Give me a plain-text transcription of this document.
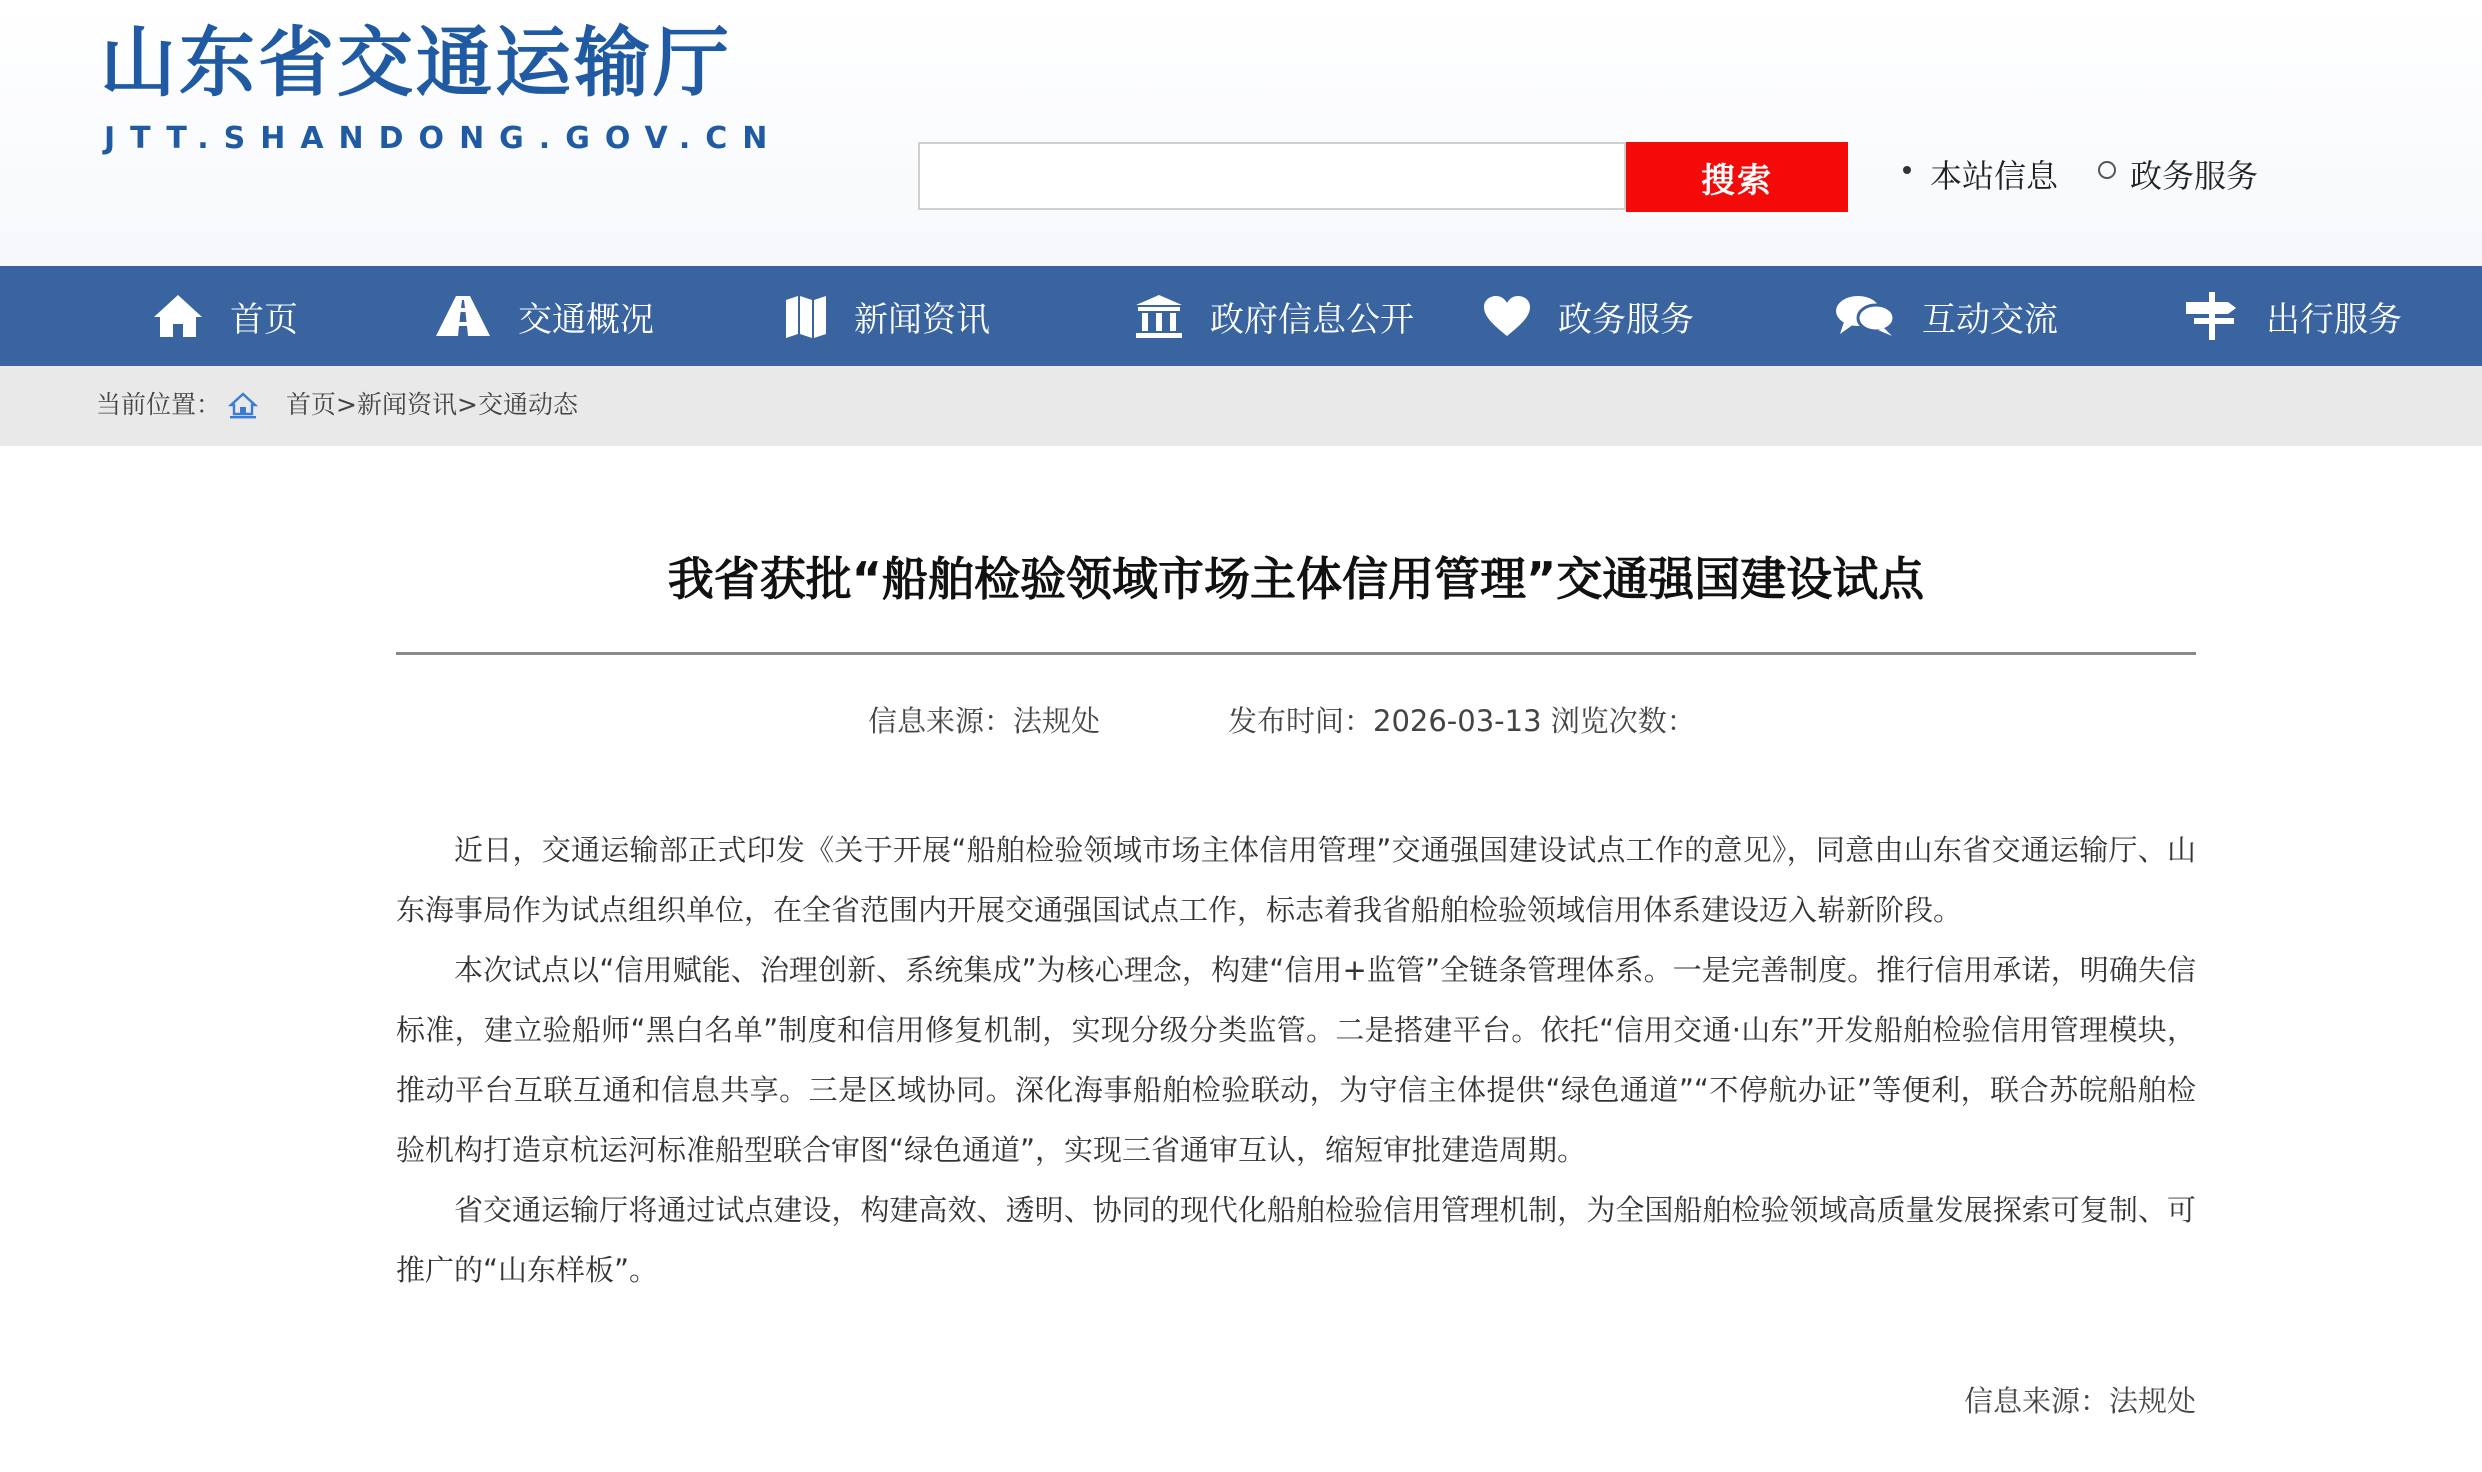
山东省交通运输厅
JTT.SHANDONG.GOV.CN
搜索	本站信息 政务服务
首页	交通概况	新闻资讯	政府信息公开	政务服务	互动交流	出行服务
当前位置：	首页>新闻资讯>交通动态
我省获批“船舶检验领域市场主体信用管理”交通强国建设试点
信息来源：法规处	发布时间：2026-03-13 浏览次数：

近日，交通运输部正式印发《关于开展“船舶检验领域市场主体信用管理”交通强国建设试点工作的意见》，同意由山东省交通运输厅、山东海事局作为试点组织单位，在全省范围内开展交通强国试点工作，标志着我省船舶检验领域信用体系建设迈入崭新阶段。

本次试点以“信用赋能、治理创新、系统集成”为核心理念，构建“信用+监管”全链条管理体系。一是完善制度。推行信用承诺，明确失信标准，建立验船师“黑白名单”制度和信用修复机制，实现分级分类监管。二是搭建平台。依托“信用交通·山东”开发船舶检验信用管理模块，推动平台互联互通和信息共享。三是区域协同。深化海事船舶检验联动，为守信主体提供“绿色通道”“不停航办证”等便利，联合苏皖船舶检验机构打造京杭运河标准船型联合审图“绿色通道”，实现三省通审互认，缩短审批建造周期。

省交通运输厅将通过试点建设，构建高效、透明、协同的现代化船舶检验信用管理机制，为全国船舶检验领域高质量发展探索可复制、可推广的“山东样板”。

信息来源：法规处
